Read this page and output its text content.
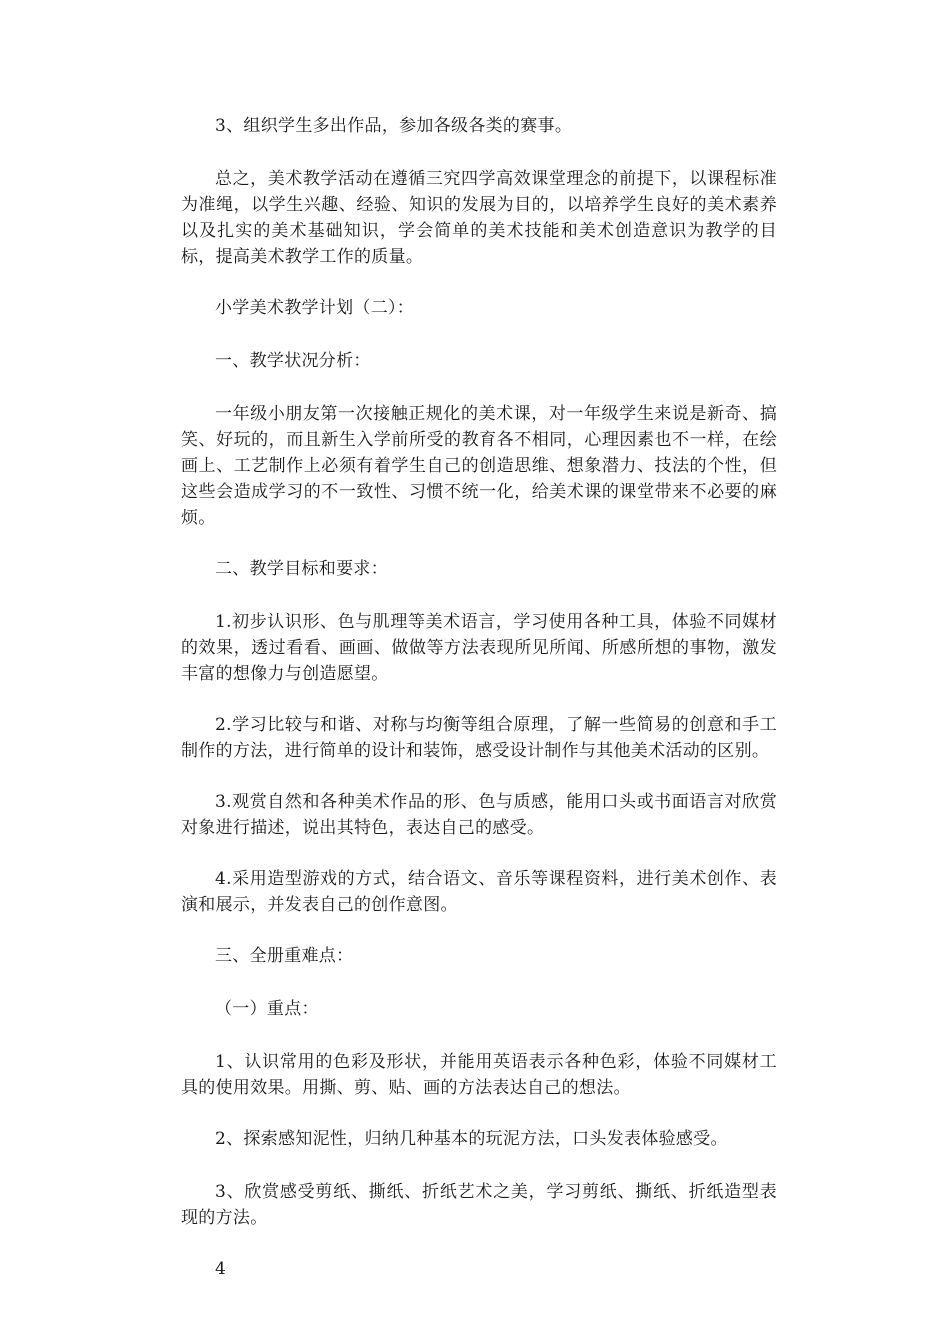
3、组织学生多出作品，参加各级各类的赛事。

总之，美术教学活动在遵循三究四学高效课堂理念的前提下，以课程标准为准绳，以学生兴趣、经验、知识的发展为目的，以培养学生良好的美术素养以及扎实的美术基础知识，学会简单的美术技能和美术创造意识为教学的目标，提高美术教学工作的质量。

小学美术教学计划（二）：

一、教学状况分析：

一年级小朋友第一次接触正规化的美术课，对一年级学生来说是新奇、搞笑、好玩的，而且新生入学前所受的教育各不相同，心理因素也不一样，在绘画上、工艺制作上必须有着学生自己的创造思维、想象潜力、技法的个性，但这些会造成学习的不一致性、习惯不统一化，给美术课的课堂带来不必要的麻烦。

二、教学目标和要求：

1.初步认识形、色与肌理等美术语言，学习使用各种工具，体验不同媒材的效果，透过看看、画画、做做等方法表现所见所闻、所感所想的事物，激发丰富的想像力与创造愿望。

2.学习比较与和谐、对称与均衡等组合原理，了解一些简易的创意和手工制作的方法，进行简单的设计和装饰，感受设计制作与其他美术活动的区别。

3.观赏自然和各种美术作品的形、色与质感，能用口头或书面语言对欣赏对象进行描述，说出其特色，表达自己的感受。

4.采用造型游戏的方式，结合语文、音乐等课程资料，进行美术创作、表演和展示，并发表自己的创作意图。

三、全册重难点：

（一）重点：

1、认识常用的色彩及形状，并能用英语表示各种色彩，体验不同媒材工具的使用效果。用撕、剪、贴、画的方法表达自己的想法。

2、探索感知泥性，归纳几种基本的玩泥方法，口头发表体验感受。

3、欣赏感受剪纸、撕纸、折纸艺术之美，学习剪纸、撕纸、折纸造型表现的方法。

4
